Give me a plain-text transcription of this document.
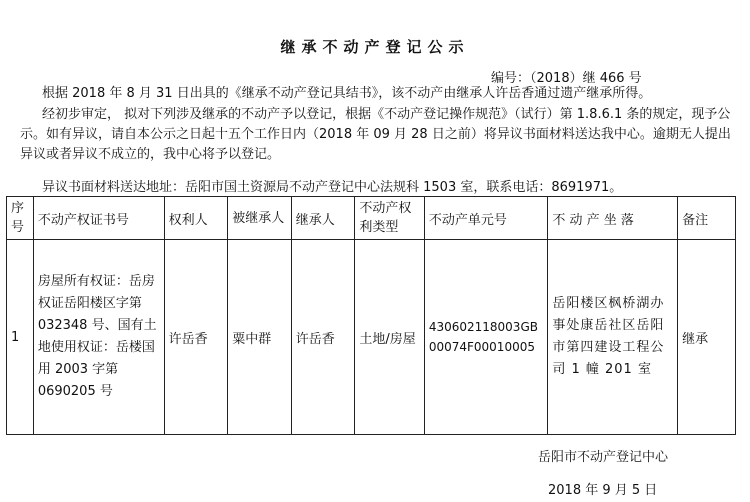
继承不动产登记公示
编号：（2018）继 466 号
根据 2018 年 8 月 31 日出具的《继承不动产登记具结书》，该不动产由继承人许岳香通过遗产继承所得。
经初步审定， 拟对下列涉及继承的不动产予以登记，根据《不动产登记操作规范》（试行）第 1.8.6.1 条的规定，现予公示。如有异议，请自本公示之日起十五个工作日内（2018 年 09 月 28 日之前）将异议书面材料送达我中心。逾期无人提出异议或者异议不成立的，我中心将予以登记。
异议书面材料送达地址：岳阳市国土资源局不动产登记中心法规科 1503 室，联系电话：8691971。
序号	不动产权证书号	权利人	被继承人	继承人	不动产权利类型	不动产单元号	不 动 产 坐 落	备注
1	房屋所有权证：岳房权证岳阳楼区字第 032348 号、国有土地使用权证：岳楼国用 2003 字第 0690205 号	许岳香	粟中群	许岳香	土地/房屋	430602118003GB00074F00010005	岳阳楼区枫桥湖办事处康岳社区岳阳市第四建设工程公司 1 幢 201 室	继承
岳阳市不动产登记中心
2018 年 9 月 5 日
